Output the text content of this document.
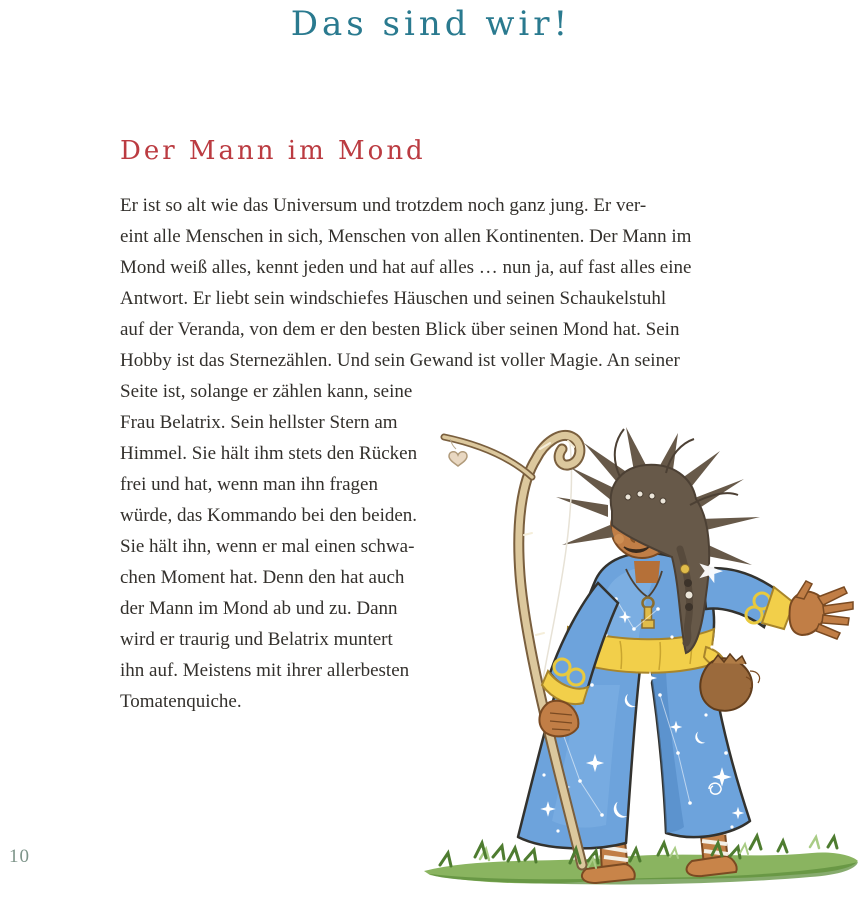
Das sind wir!
Der Mann im Mond
Er ist so alt wie das Universum und trotzdem noch ganz jung. Er ver-
eint alle Menschen in sich, Menschen von allen Kontinenten. Der Mann im
Mond weiß alles, kennt jeden und hat auf alles … nun ja, auf fast alles eine
Antwort. Er liebt sein windschiefes Häuschen und seinen Schaukelstuhl
auf der Veranda, von dem er den besten Blick über seinen Mond hat. Sein
Hobby ist das Sternezählen. Und sein Gewand ist voller Magie. An seiner
Seite ist, solange er zählen kann, seine
Frau Belatrix. Sein hellster Stern am
Himmel. Sie hält ihm stets den Rücken
frei und hat, wenn man ihn fragen
würde, das Kommando bei den beiden.
Sie hält ihn, wenn er mal einen schwa-
chen Moment hat. Denn den hat auch
der Mann im Mond ab und zu. Dann
wird er traurig und Belatrix muntert
ihn auf. Meistens mit ihrer allerbesten
Tomatenquiche.
10
